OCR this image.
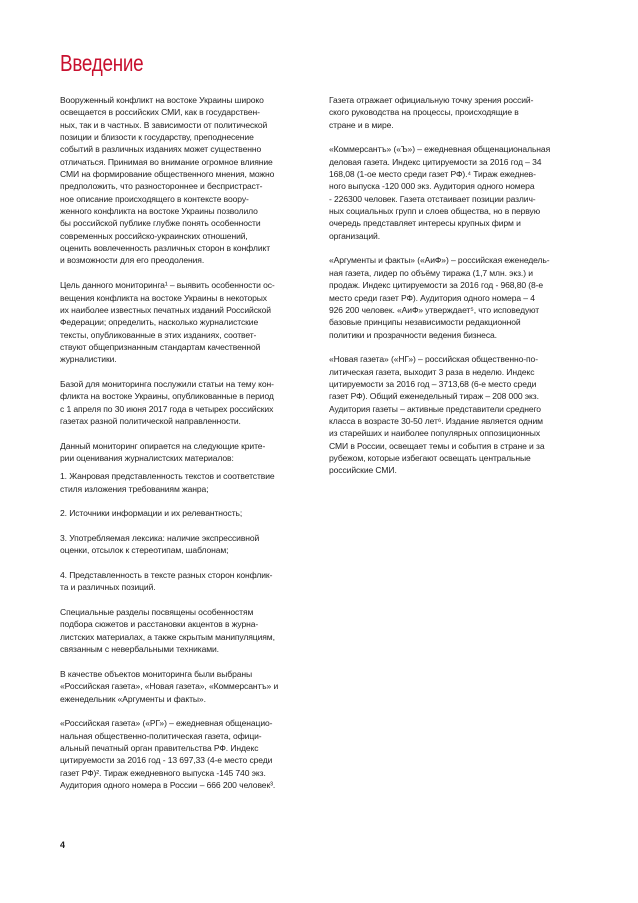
Введение

Вооруженный конфликт на востоке Украины широко
освещается в российских СМИ, как в государствен-
ных, так и в частных. В зависимости от политической
позиции и близости к государству, преподнесение
событий в различных изданиях может существенно
отличаться. Принимая во внимание огромное влияние
СМИ на формирование общественного мнения, можно
предположить, что разностороннее и беспристраст-
ное описание происходящего в контексте воору-
женного конфликта на востоке Украины позволило
бы российской публике глубже понять особенности
современных российско-украинских отношений,
оценить вовлеченность различных сторон в конфликт
и возможности для его преодоления.

Цель данного мониторинга¹ – выявить особенности ос-
вещения конфликта на востоке Украины в некоторых
их наиболее известных печатных изданий Российской
Федерации; определить, насколько журналистские
тексты, опубликованные в этих изданиях, соответ-
ствуют общепризнанным стандартам качественной
журналистики.

Базой для мониторинга послужили статьи на тему кон-
фликта на востоке Украины, опубликованные в период
с 1 апреля по 30 июня 2017 года в четырех российских
газетах разной политической направленности.

Данный мониторинг опирается на следующие крите-
рии оценивания журналистских материалов:

1. Жанровая представленность текстов и соответствие
стиля изложения требованиям жанра;

2. Источники информации и их релевантность;

3. Употребляемая лексика: наличие экспрессивной
оценки, отсылок к стереотипам, шаблонам;

4. Представленность в тексте разных сторон конфлик-
та и различных позиций.

Специальные разделы посвящены особенностям
подбора сюжетов и расстановки акцентов в журна-
листских материалах, а также скрытым манипуляциям,
связанным с невербальными техниками.

В качестве объектов мониторинга были выбраны
«Российская газета», «Новая газета», «Коммерсантъ» и
еженедельник «Аргументы и факты».

«Российская газета» («РГ») – ежедневная общенацио-
нальная общественно-политическая газета, офици-
альный печатный орган правительства РФ. Индекс
цитируемости за 2016 год - 13 697,33 (4-е место среди
газет РФ)². Тираж ежедневного выпуска -145 740 экз.
Аудитория одного номера в России – 666 200 человек³.

Газета отражает официальную точку зрения россий-
ского руководства на процессы, происходящие в
стране и в мире.

«Коммерсантъ» («Ъ») – ежедневная общенациональная
деловая газета. Индекс цитируемости за 2016 год – 34
168,08 (1-ое место среди газет РФ).⁴ Тираж ежеднев-
ного выпуска -120 000 экз. Аудитория одного номера
- 226300 человек. Газета отстаивает позиции различ-
ных социальных групп и слоев общества, но в первую
очередь представляет интересы крупных фирм и
организаций.

«Аргументы и факты» («АиФ») – российская еженедель-
ная газета, лидер по объёму тиража (1,7 млн. экз.) и
продаж. Индекс цитируемости за 2016 год - 968,80 (8-е
место среди газет РФ). Аудитория одного номера – 4
926 200 человек. «АиФ» утверждает⁵, что исповедуют
базовые принципы независимости редакционной
политики и прозрачности ведения бизнеса.

«Новая газета» («НГ») – российская общественно-по-
литическая газета, выходит 3 раза в неделю. Индекс
цитируемости за 2016 год – 3713,68 (6-е место среди
газет РФ). Общий еженедельный тираж – 208 000 экз.
Аудитория газеты – активные представители среднего
класса в возрасте 30-50 лет⁶. Издание является одним
из старейших и наиболее популярных оппозиционных
СМИ в России, освещает темы и события в стране и за
рубежом, которые избегают освещать центральные
российские СМИ.

4
